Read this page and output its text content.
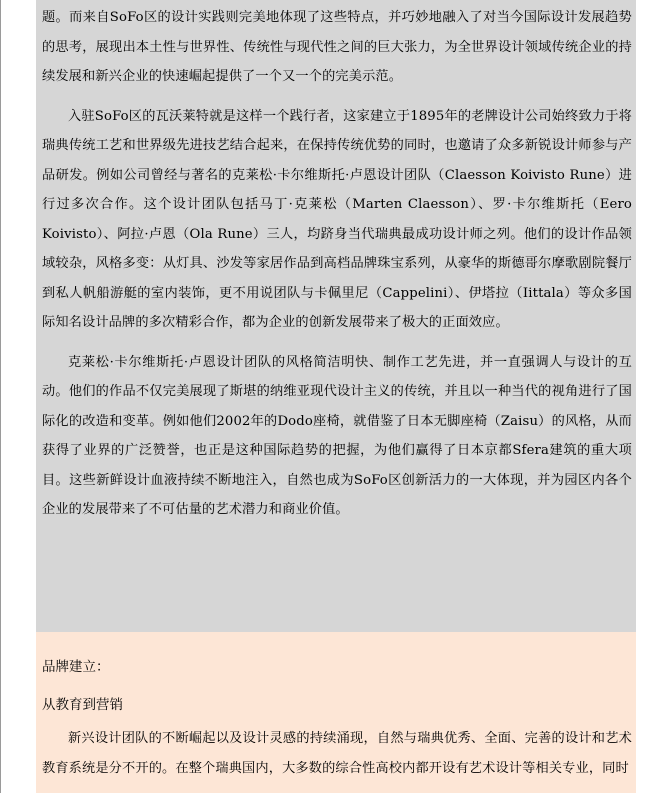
题。而来自SoFo区的设计实践则完美地体现了这些特点，并巧妙地融入了对当今国际设计发展趋势的思考，展现出本土性与世界性、传统性与现代性之间的巨大张力，为全世界设计领域传统企业的持续发展和新兴企业的快速崛起提供了一个又一个的完美示范。

入驻SoFo区的瓦沃莱特就是这样一个践行者，这家建立于1895年的老牌设计公司始终致力于将瑞典传统工艺和世界级先进技艺结合起来，在保持传统优势的同时，也邀请了众多新锐设计师参与产品研发。例如公司曾经与著名的克莱松·卡尔维斯托·卢恩设计团队（Claesson Koivisto Rune）进行过多次合作。这个设计团队包括马丁·克莱松（Marten Claesson）、罗·卡尔维斯托（Eero Koivisto）、阿拉·卢恩（Ola Rune）三人，均跻身当代瑞典最成功设计师之列。他们的设计作品领域较杂，风格多变：从灯具、沙发等家居作品到高档品牌珠宝系列，从豪华的斯德哥尔摩歌剧院餐厅到私人帆船游艇的室内装饰，更不用说团队与卡佩里尼（Cappelini）、伊塔拉（Iittala）等众多国际知名设计品牌的多次精彩合作，都为企业的创新发展带来了极大的正面效应。

克莱松·卡尔维斯托·卢恩设计团队的风格简洁明快、制作工艺先进，并一直强调人与设计的互动。他们的作品不仅完美展现了斯堪的纳维亚现代设计主义的传统，并且以一种当代的视角进行了国际化的改造和变革。例如他们2002年的Dodo座椅，就借鉴了日本无脚座椅（Zaisu）的风格，从而获得了业界的广泛赞誉，也正是这种国际趋势的把握，为他们赢得了日本京都Sfera建筑的重大项目。这些新鲜设计血液持续不断地注入，自然也成为SoFo区创新活力的一大体现，并为园区内各个企业的发展带来了不可估量的艺术潜力和商业价值。

品牌建立：

从教育到营销

新兴设计团队的不断崛起以及设计灵感的持续涌现，自然与瑞典优秀、全面、完善的设计和艺术教育系统是分不开的。在整个瑞典国内，大多数的综合性高校内都开设有艺术设计等相关专业，同时
